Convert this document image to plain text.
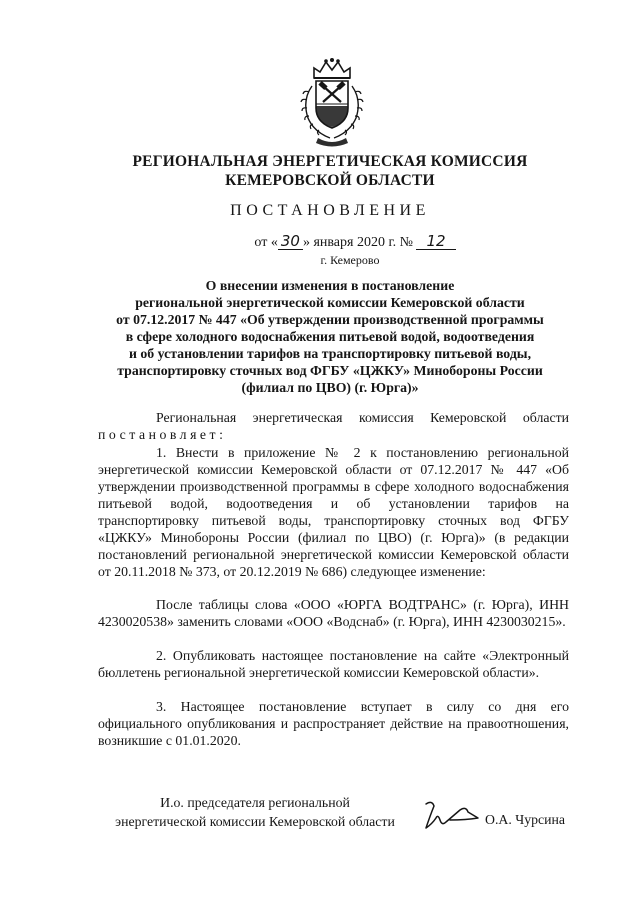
РЕГИОНАЛЬНАЯ ЭНЕРГЕТИЧЕСКАЯ КОМИССИЯ
КЕМЕРОВСКОЙ ОБЛАСТИ
ПОСТАНОВЛЕНИЕ
от « 30 » января 2020 г. № 12
г. Кемерово
О внесении изменения в постановление
региональной энергетической комиссии Кемеровской области
от 07.12.2017 № 447 «Об утверждении производственной программы
в сфере холодного водоснабжения питьевой водой, водоотведения
и об установлении тарифов на транспортировку питьевой воды,
транспортировку сточных вод ФГБУ «ЦЖКУ» Минобороны России
(филиал по ЦВО) (г. Юрга)»
Региональная энергетическая комиссия Кемеровской области
постановляет:
1. Внести в приложение № 2 к постановлению региональной энергетической комиссии Кемеровской области от 07.12.2017 № 447 «Об утверждении производственной программы в сфере холодного водоснабжения питьевой водой, водоотведения и об установлении тарифов на транспортировку питьевой воды, транспортировку сточных вод ФГБУ «ЦЖКУ» Минобороны России (филиал по ЦВО) (г. Юрга)» (в редакции постановлений региональной энергетической комиссии Кемеровской области от 20.11.2018 № 373, от 20.12.2019 № 686) следующее изменение:
После таблицы слова «ООО «ЮРГА ВОДТРАНС» (г. Юрга), ИНН 4230020538» заменить словами «ООО «Водснаб» (г. Юрга), ИНН 4230030215».
2. Опубликовать настоящее постановление на сайте «Электронный бюллетень региональной энергетической комиссии Кемеровской области».
3. Настоящее постановление вступает в силу со дня его официального опубликования и распространяет действие на правоотношения, возникшие с 01.01.2020.
И.о. председателя региональной
энергетической комиссии Кемеровской области	О.А. Чурсина
